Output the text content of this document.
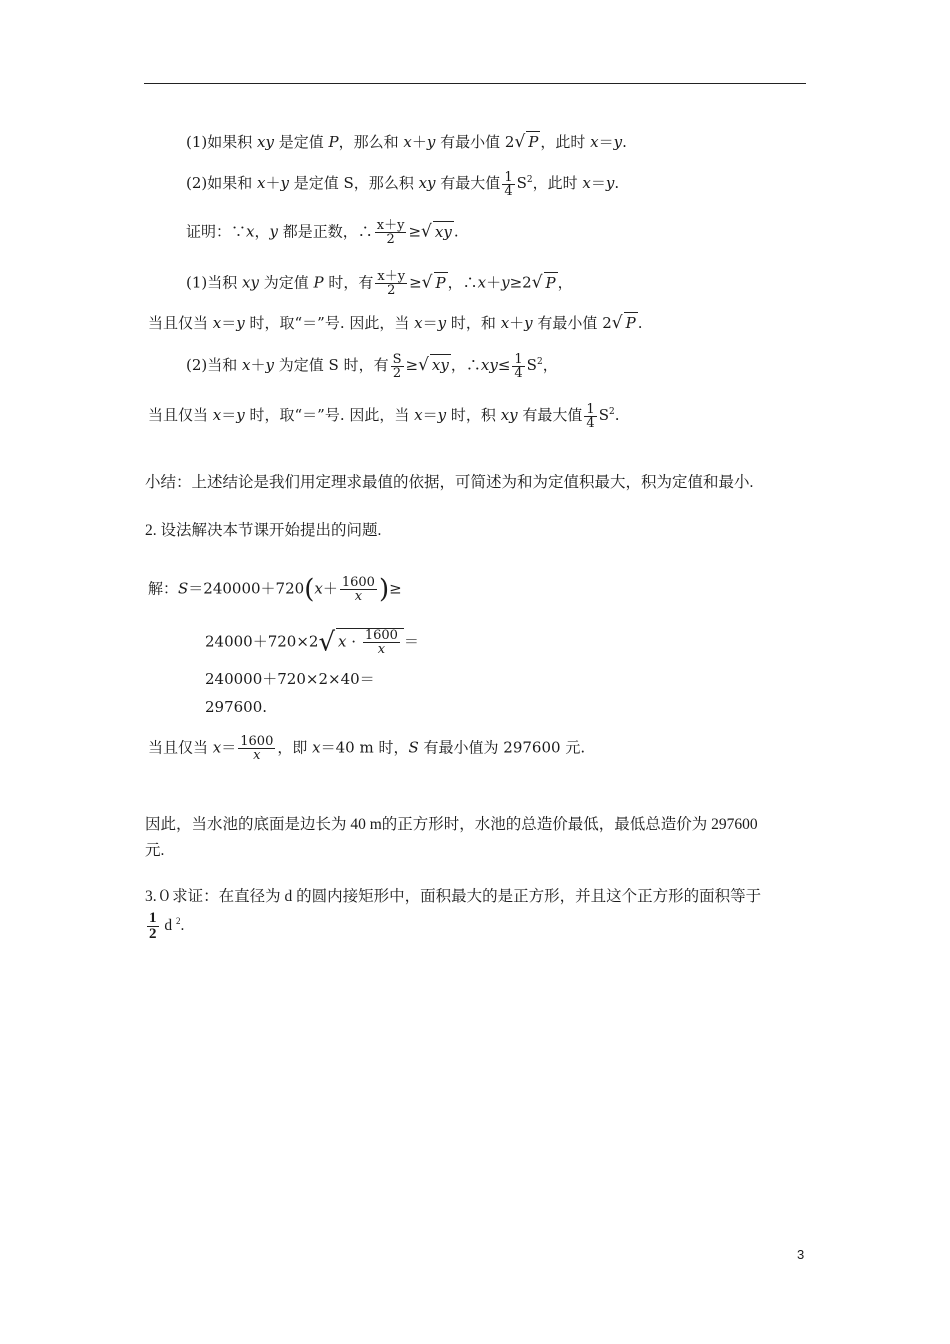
(1)如果积 xy 是定值 P，那么和 x＋y 有最小值 2√ P ，此时 x＝y.
(2)如果和 x＋y 是定值 S，那么积 xy 有最大值 $\frac{1}{4} S^2$，此时 x＝y.
证明：∵x，y 都是正数，∴ $\frac{x+y}{2}$ ≥√ xy .
(1)当积 xy 为定值 P 时，有 $\frac{x+y}{2}$ ≥√ P ，∴x＋y≥2√ P ，
当且仅当 x＝y 时，取“＝”号. 因此，当 x＝y 时，和 x＋y 有最小值 2√ P .
(2)当和 x＋y 为定值 S 时，有 $\frac{S}{2}$ ≥√ xy ，∴xy≤ $\frac{1}{4} S^2$，
当且仅当 x＝y 时，取“＝”号. 因此，当 x＝y 时，积 xy 有最大值 $\frac{1}{4} S^2$.
小结：上述结论是我们用定理求最值的依据，可简述为和为定值积最大，积为定值和最小.
2. 设法解决本节课开始提出的问题.
解：$S=240000+720(x+ \frac{1600}{x}$ )≥
24000＋720×2√ $x \cdot \frac{1600}{x}$ ＝
240000＋720×2×40＝
297600.
当且仅当 $x= \frac{1600}{x}$ ，即 x＝40 m 时，S 有最小值为 297600 元.
因此，当水池的底面是边长为 40 m的正方形时，水池的总造价最低，最低总造价为 297600
元.
3.０求证：在直径为 d 的圆内接矩形中，面积最大的是正方形，并且这个正方形的面积等于
$\frac{1}{2}$ d $^2$.
3
